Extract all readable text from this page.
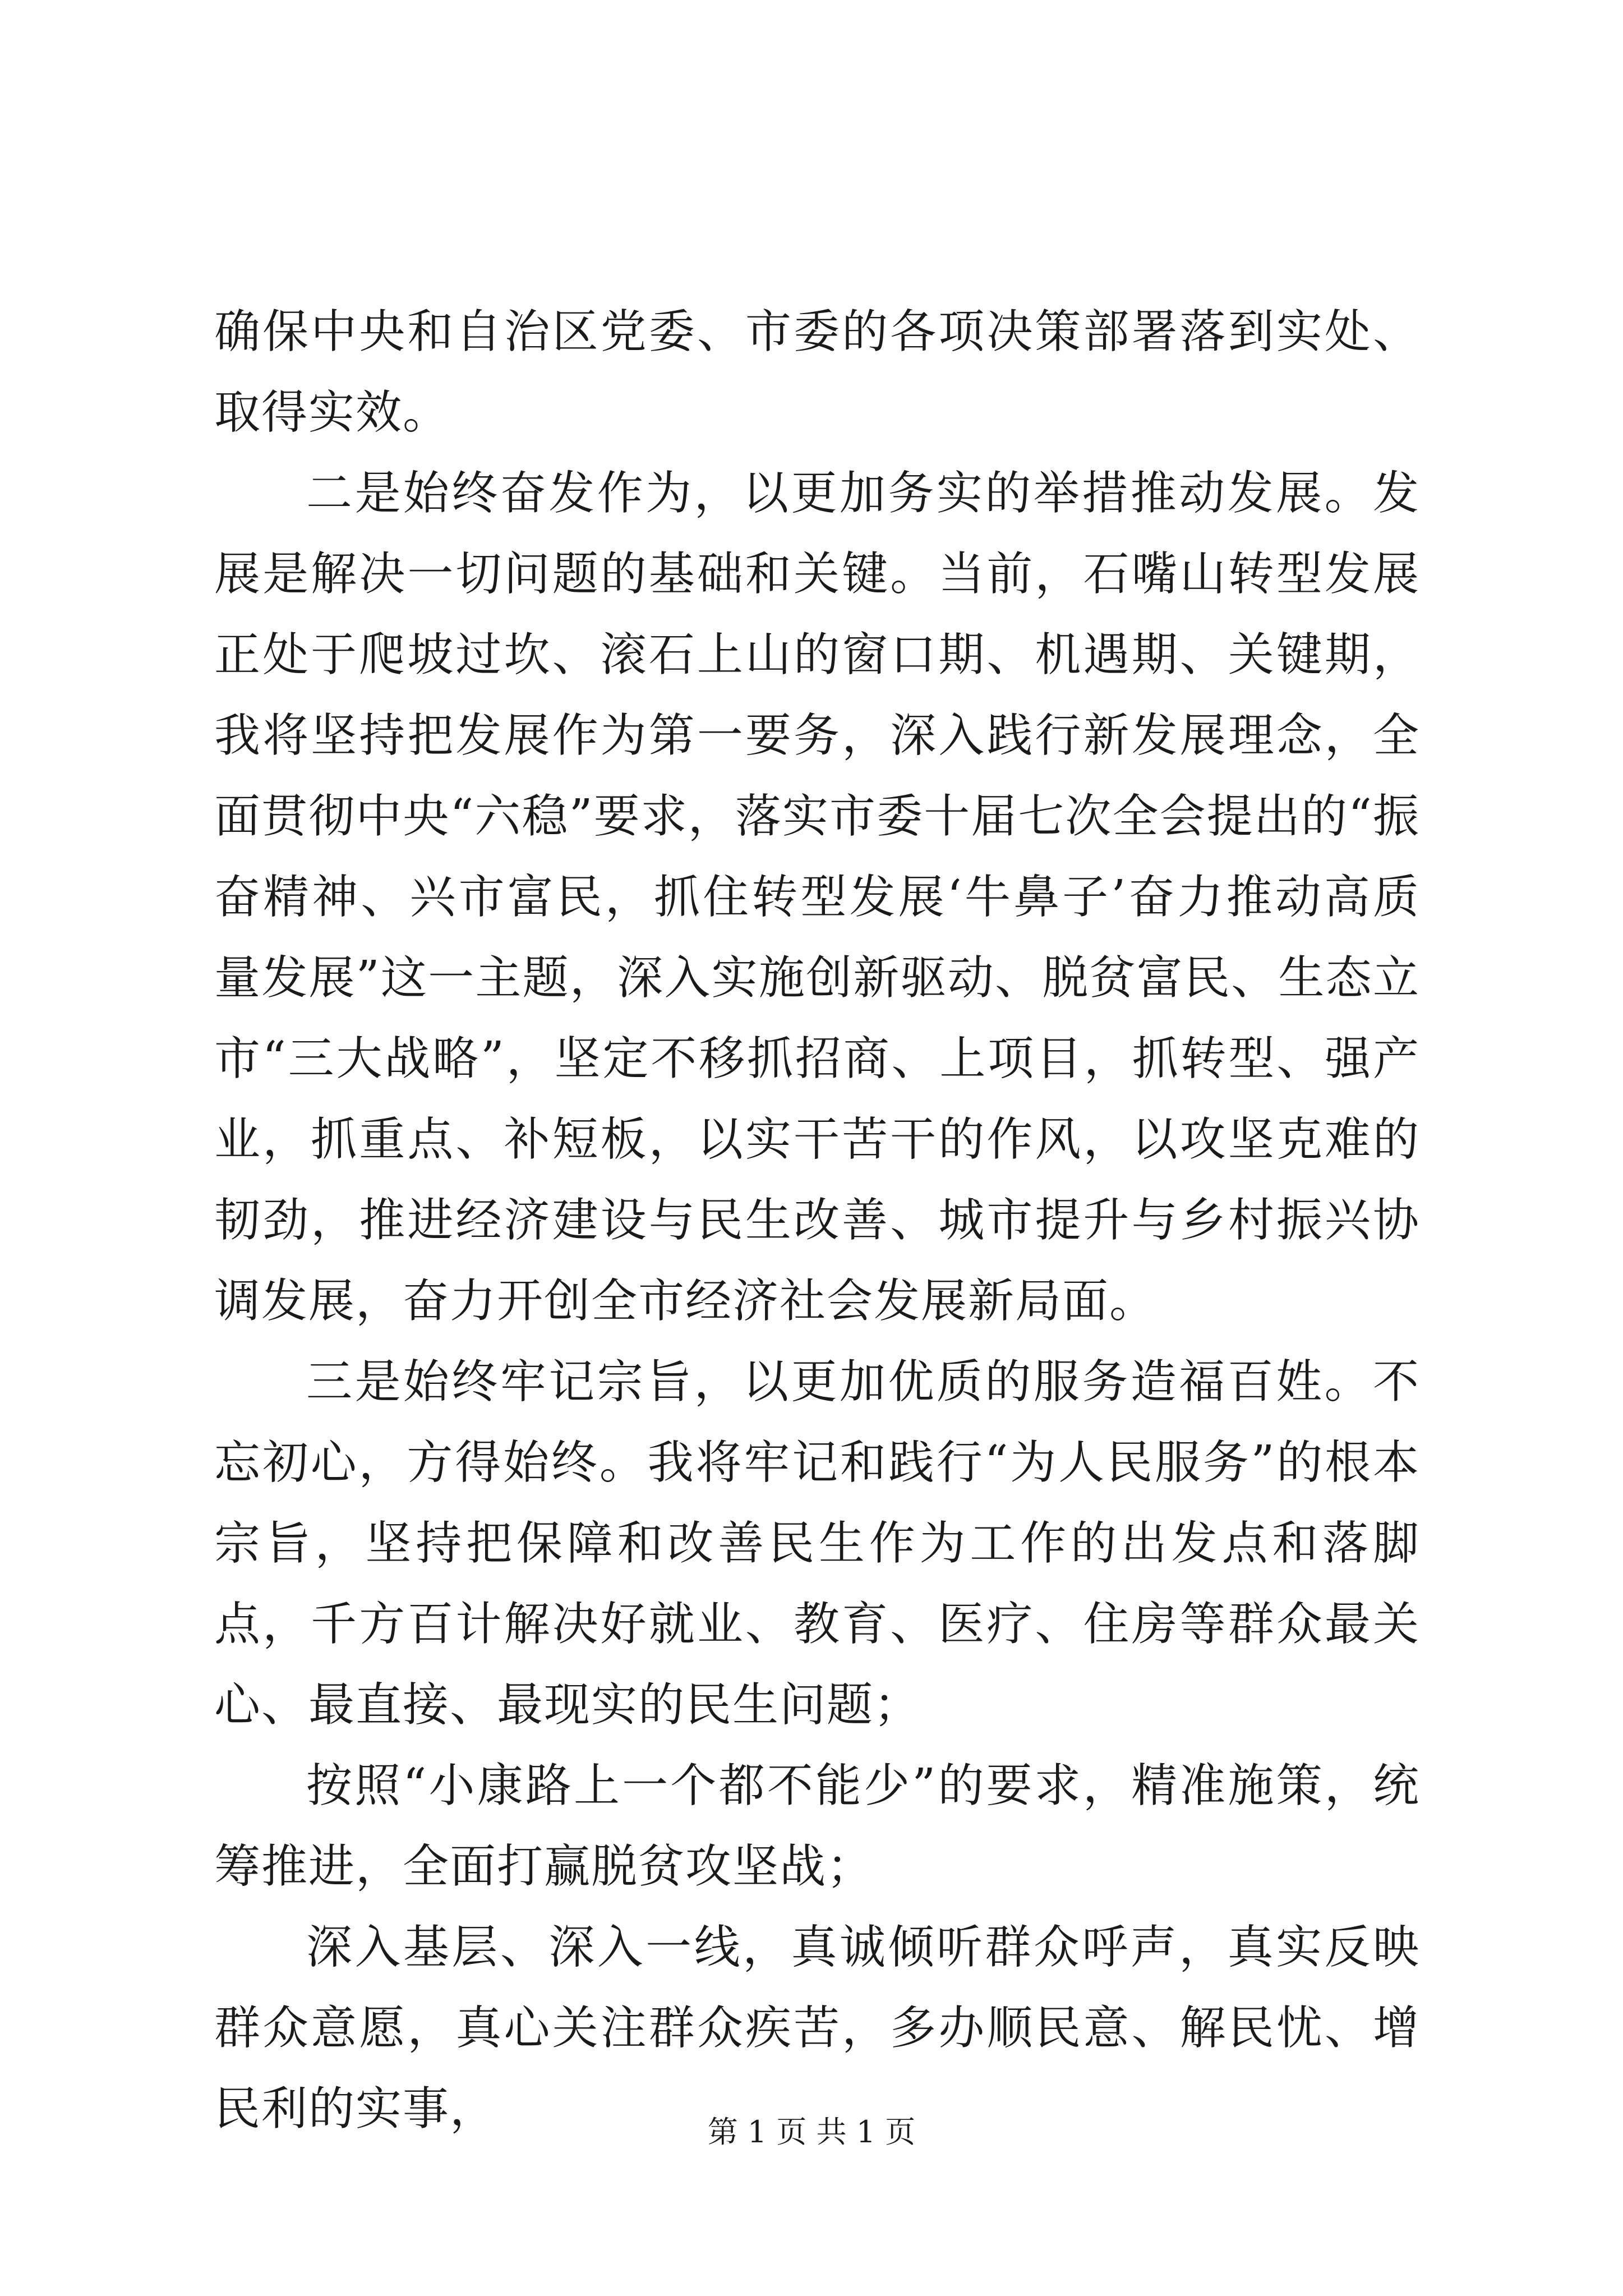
确保中央和自治区党委、市委的各项决策部署落到实处、取得实效。

二是始终奋发作为，以更加务实的举措推动发展。发展是解决一切问题的基础和关键。当前，石嘴山转型发展正处于爬坡过坎、滚石上山的窗口期、机遇期、关键期，我将坚持把发展作为第一要务，深入践行新发展理念，全面贯彻中央“六稳”要求，落实市委十届七次全会提出的“振奋精神、兴市富民，抓住转型发展‘牛鼻子’奋力推动高质量发展”这一主题，深入实施创新驱动、脱贫富民、生态立市“三大战略”，坚定不移抓招商、上项目，抓转型、强产业，抓重点、补短板，以实干苦干的作风，以攻坚克难的韧劲，推进经济建设与民生改善、城市提升与乡村振兴协调发展，奋力开创全市经济社会发展新局面。

三是始终牢记宗旨，以更加优质的服务造福百姓。不忘初心，方得始终。我将牢记和践行“为人民服务”的根本宗旨，坚持把保障和改善民生作为工作的出发点和落脚点，千方百计解决好就业、教育、医疗、住房等群众最关心、最直接、最现实的民生问题；

按照“小康路上一个都不能少”的要求，精准施策，统筹推进，全面打赢脱贫攻坚战；

深入基层、深入一线，真诚倾听群众呼声，真实反映群众意愿，真心关注群众疾苦，多办顺民意、解民忧、增民利的实事，	第 1 页 共 1 页
